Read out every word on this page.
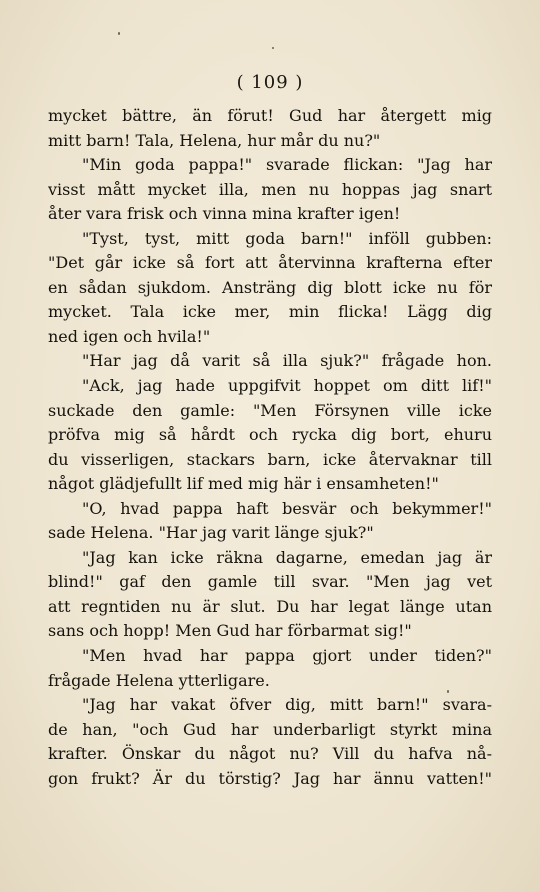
( 109 )
mycket bättre, än förut! Gud har återgett mig
mitt barn! Tala, Helena, hur mår du nu?"
"Min goda pappa!" svarade flickan: "Jag har
visst mått mycket illa, men nu hoppas jag snart
åter vara frisk och vinna mina krafter igen!
"Tyst, tyst, mitt goda barn!" inföll gubben:
"Det går icke så fort att återvinna krafterna efter
en sådan sjukdom. Ansträng dig blott icke nu för
mycket. Tala icke mer, min flicka! Lägg dig
ned igen och hvila!"
"Har jag då varit så illa sjuk?" frågade hon.
"Ack, jag hade uppgifvit hoppet om ditt lif!"
suckade den gamle: "Men Försynen ville icke
pröfva mig så hårdt och rycka dig bort, ehuru
du visserligen, stackars barn, icke återvaknar till
något glädjefullt lif med mig här i ensamheten!"
"O, hvad pappa haft besvär och bekymmer!"
sade Helena. "Har jag varit länge sjuk?"
"Jag kan icke räkna dagarne, emedan jag är
blind!" gaf den gamle till svar. "Men jag vet
att regntiden nu är slut. Du har legat länge utan
sans och hopp! Men Gud har förbarmat sig!"
"Men hvad har pappa gjort under tiden?"
frågade Helena ytterligare.
"Jag har vakat öfver dig, mitt barn!" svara-
de han, "och Gud har underbarligt styrkt mina
krafter. Önskar du något nu? Vill du hafva nå-
gon frukt? Är du törstig? Jag har ännu vatten!"
